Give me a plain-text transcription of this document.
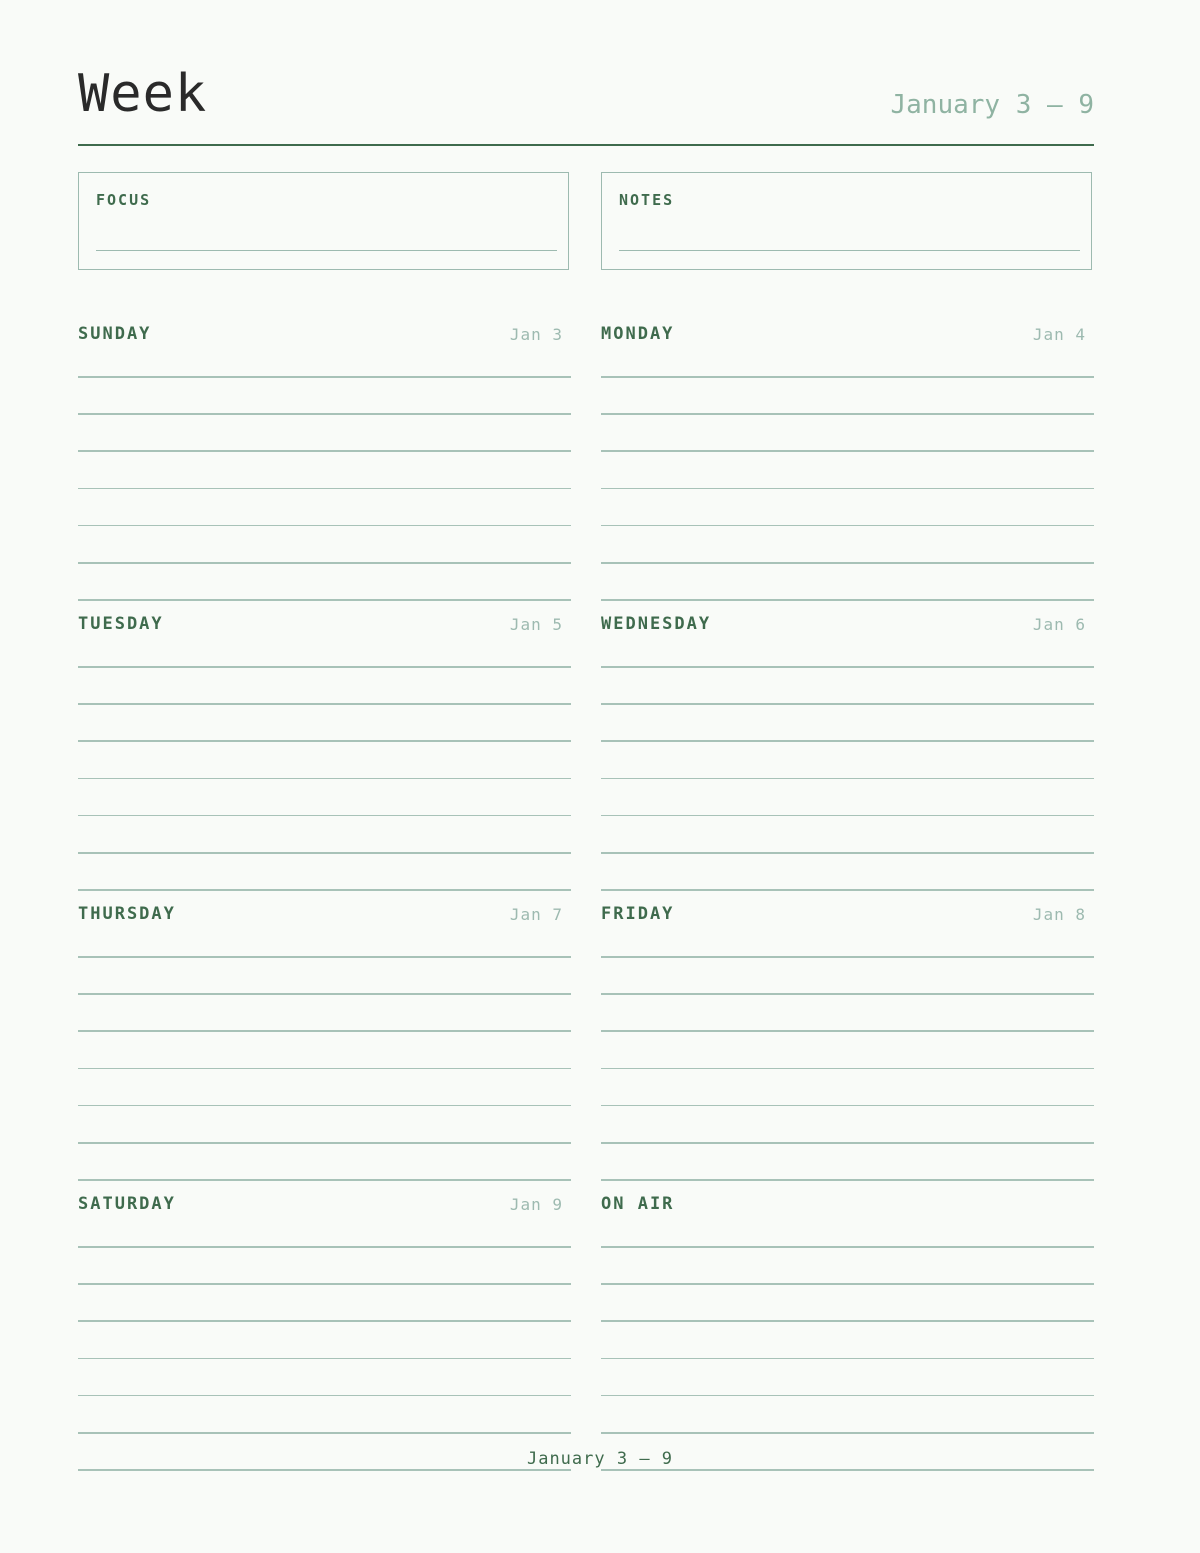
Week	January 3 – 9
FOCUS	NOTES
SUNDAY	Jan 3 MONDAY	Jan 4
TUESDAY	Jan 5 WEDNESDAY	Jan 6
THURSDAY	Jan 7 FRIDAY	Jan 8
SATURDAY	Jan 9 ON AIR
January 3 – 9
